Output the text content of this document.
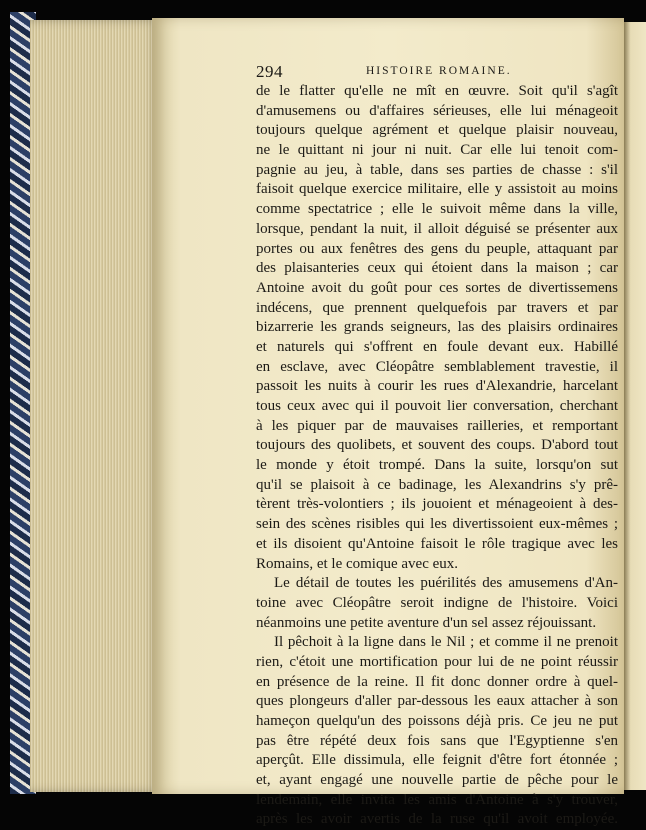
294	HISTOIRE ROMAINE.
de le flatter qu'elle ne mît en œuvre. Soit qu'il s'agît
d'amusemens ou d'affaires sérieuses, elle lui ménageoit
toujours quelque agrément et quelque plaisir nouveau,
ne le quittant ni jour ni nuit. Car elle lui tenoit com-
pagnie au jeu, à table, dans ses parties de chasse : s'il
faisoit quelque exercice militaire, elle y assistoit au moins
comme spectatrice ; elle le suivoit même dans la ville,
lorsque, pendant la nuit, il alloit déguisé se présenter aux
portes ou aux fenêtres des gens du peuple, attaquant par
des plaisanteries ceux qui étoient dans la maison ; car
Antoine avoit du goût pour ces sortes de divertissemens
indécens, que prennent quelquefois par travers et par
bizarrerie les grands seigneurs, las des plaisirs ordinaires
et naturels qui s'offrent en foule devant eux. Habillé
en esclave, avec Cléopâtre semblablement travestie, il
passoit les nuits à courir les rues d'Alexandrie, harcelant
tous ceux avec qui il pouvoit lier conversation, cherchant
à les piquer par de mauvaises railleries, et remportant
toujours des quolibets, et souvent des coups. D'abord tout
le monde y étoit trompé. Dans la suite, lorsqu'on sut
qu'il se plaisoit à ce badinage, les Alexandrins s'y prê-
tèrent très-volontiers ; ils jouoient et ménageoient à des-
sein des scènes risibles qui les divertissoient eux-mêmes ;
et ils disoient qu'Antoine faisoit le rôle tragique avec les
Romains, et le comique avec eux.
Le détail de toutes les puérilités des amusemens d'An-
toine avec Cléopâtre seroit indigne de l'histoire. Voici
néanmoins une petite aventure d'un sel assez réjouissant.
Il pêchoit à la ligne dans le Nil ; et comme il ne prenoit
rien, c'étoit une mortification pour lui de ne point réussir
en présence de la reine. Il fit donc donner ordre à quel-
ques plongeurs d'aller par-dessous les eaux attacher à son
hameçon quelqu'un des poissons déjà pris. Ce jeu ne put
pas être répété deux fois sans que l'Egyptienne s'en
aperçût. Elle dissimula, elle feignit d'être fort étonnée ;
et, ayant engagé une nouvelle partie de pêche pour le
lendemain, elle invita les amis d'Antoine à s'y trouver,
après les avoir avertis de la ruse qu'il avoit employée.
